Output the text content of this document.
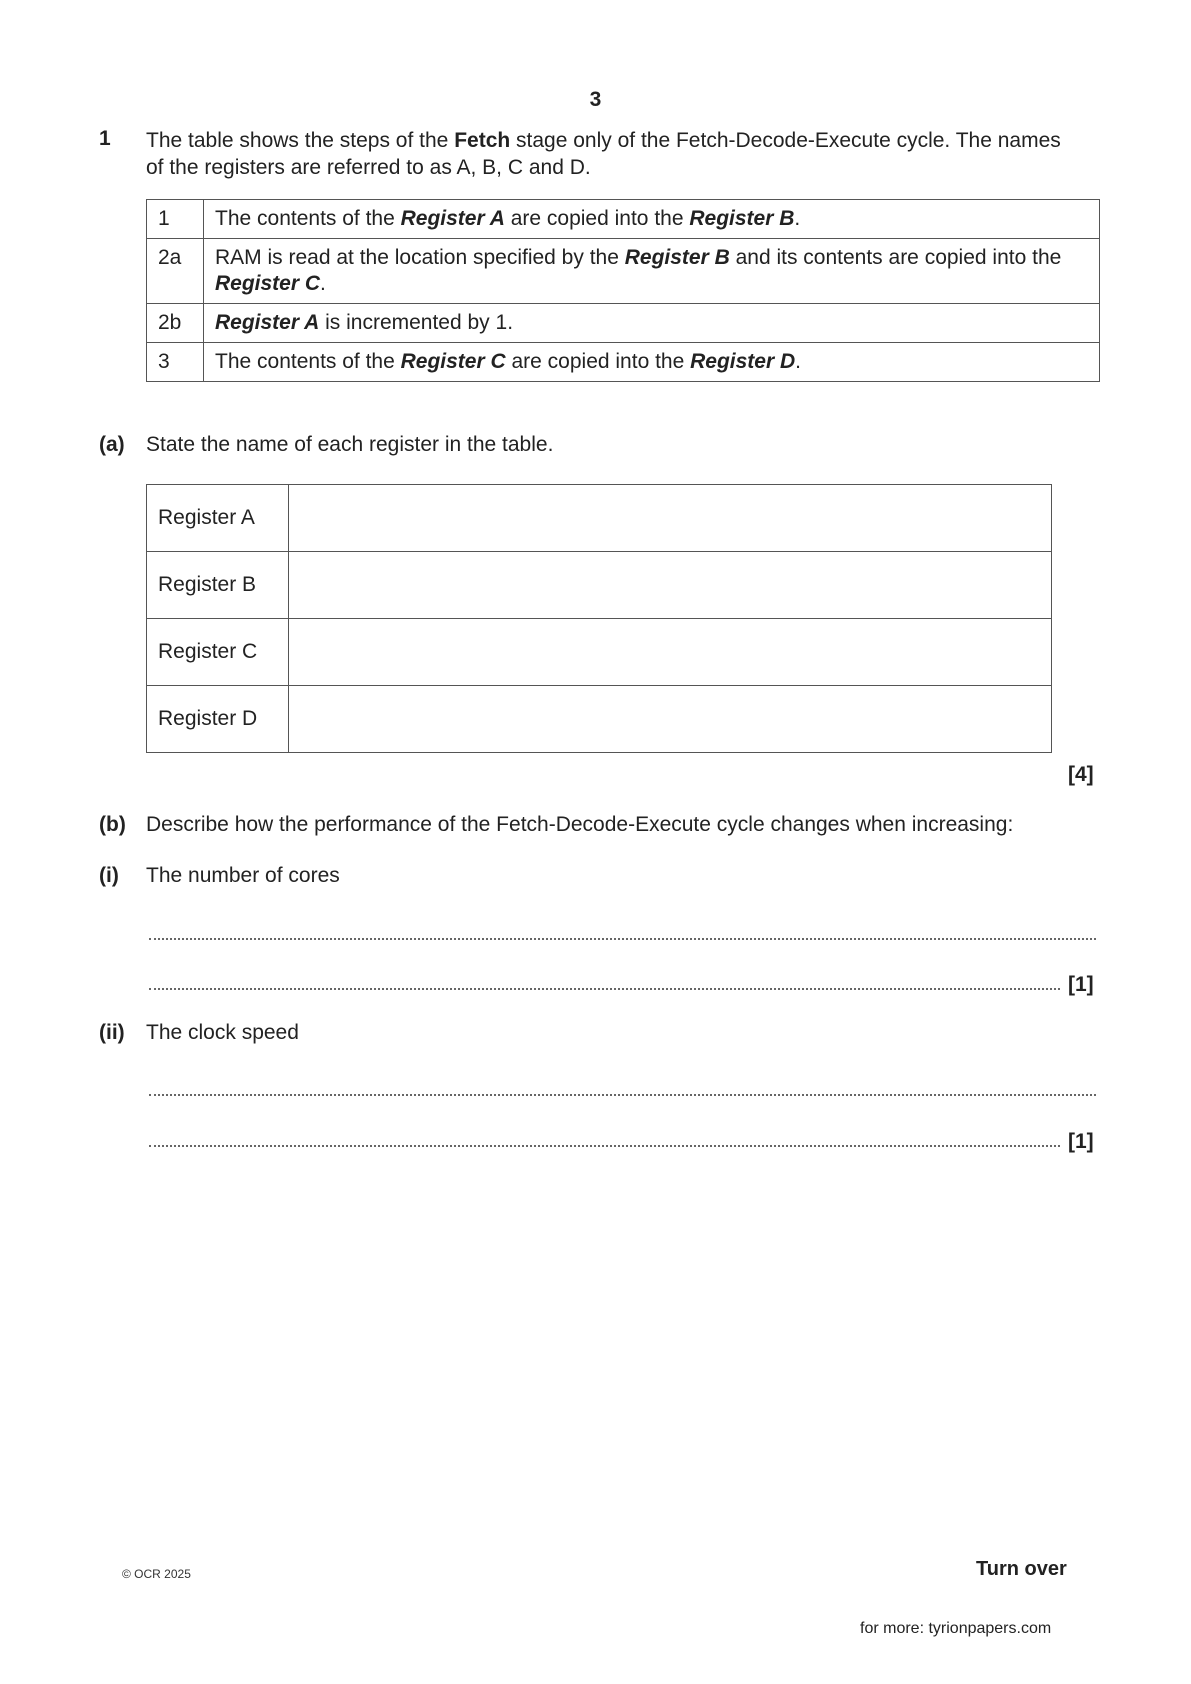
3
1 The table shows the steps of the Fetch stage only of the Fetch-Decode-Execute cycle. The names of the registers are referred to as A, B, C and D.
1	The contents of the Register A are copied into the Register B.
2a	RAM is read at the location specified by the Register B and its contents are copied into the Register C.
2b	Register A is incremented by 1.
3	The contents of the Register C are copied into the Register D.
(a) State the name of each register in the table.
Register A	
Register B	
Register C	
Register D	
[4]
(b) Describe how the performance of the Fetch-Decode-Execute cycle changes when increasing:
(i) The number of cores
[1]
(ii) The clock speed
[1]
© OCR 2025	Turn over
for more: tyrionpapers.com
